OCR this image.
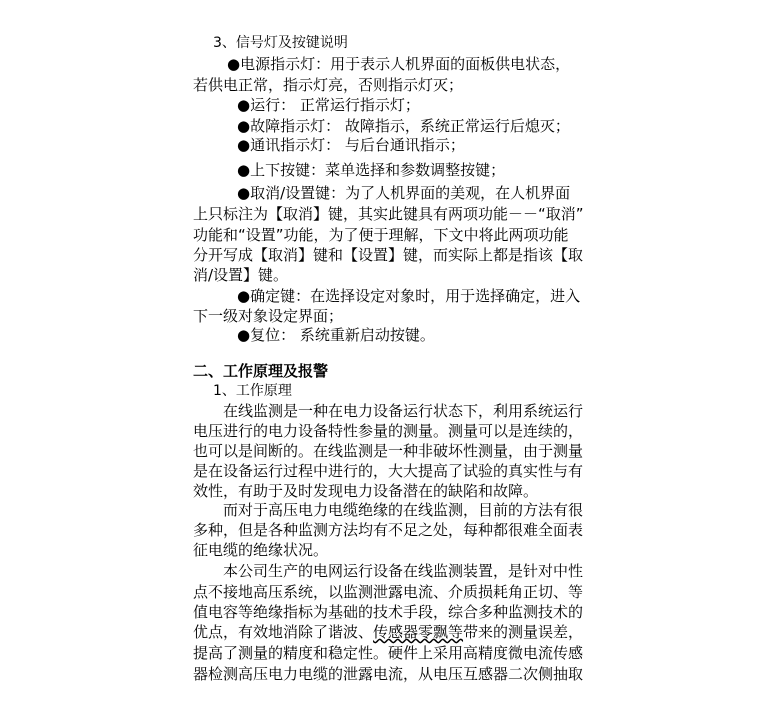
3、信号灯及按键说明
●电源指示灯：用于表示人机界面的面板供电状态，
若供电正常，指示灯亮，否则指示灯灭；
●运行： 正常运行指示灯；
●故障指示灯： 故障指示，系统正常运行后熄灭；
●通讯指示灯： 与后台通讯指示；
●上下按键：菜单选择和参数调整按键；
●取消/设置键：为了人机界面的美观，在人机界面
上只标注为【取消】键，其实此键具有两项功能－－“取消”
功能和“设置”功能，为了便于理解，下文中将此两项功能
分开写成【取消】键和【设置】键，而实际上都是指该【取
消/设置】键。
●确定键：在选择设定对象时，用于选择确定，进入
下一级对象设定界面；
●复位： 系统重新启动按键。
二、工作原理及报警
1、工作原理
在线监测是一种在电力设备运行状态下，利用系统运行
电压进行的电力设备特性参量的测量。测量可以是连续的，
也可以是间断的。在线监测是一种非破坏性测量，由于测量
是在设备运行过程中进行的，大大提高了试验的真实性与有
效性，有助于及时发现电力设备潜在的缺陷和故障。
而对于高压电力电缆绝缘的在线监测，目前的方法有很
多种，但是各种监测方法均有不足之处，每种都很难全面表
征电缆的绝缘状况。
本公司生产的电网运行设备在线监测装置，是针对中性
点不接地高压系统，以监测泄露电流、介质损耗角正切、等
值电容等绝缘指标为基础的技术手段，综合多种监测技术的
优点，有效地消除了谐波、传感器零飘等带来的测量误差，
提高了测量的精度和稳定性。硬件上采用高精度微电流传感
器检测高压电力电缆的泄露电流，从电压互感器二次侧抽取
